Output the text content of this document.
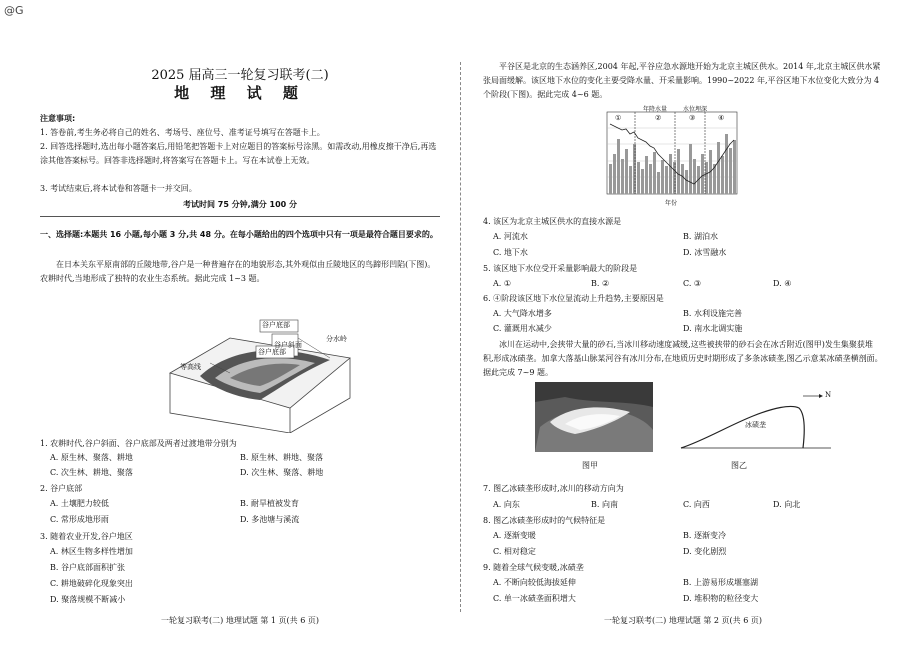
@G
2025 届高三一轮复习联考(二)
地 理 试 题
注意事项:
1. 答卷前,考生务必将自己的姓名、考场号、座位号、准考证号填写在答题卡上。
2. 回答选择题时,选出每小题答案后,用铅笔把答题卡上对应题目的答案标号涂黑。如需改动,用橡皮擦干净后,再选涂其他答案标号。回答非选择题时,将答案写在答题卡上。写在本试卷上无效。
3. 考试结束后,将本试卷和答题卡一并交回。
考试时间 75 分钟,满分 100 分
一、选择题:本题共 16 小题,每小题 3 分,共 48 分。在每小题给出的四个选项中只有一项是最符合题目要求的。
在日本关东平原南部的丘陵地带,谷户是一种普遍存在的地貌形态,其外观似由丘陵地区的鸟蹄形凹陷(下图)。农耕时代,当地形成了独特的农业生态系统。据此完成 1~3 题。
谷户底部
谷户斜面
谷户底部
分水岭
等高线
1. 农耕时代,谷户斜面、谷户底部及两者过渡地带分别为
A. 原生林、聚落、耕地	B. 原生林、耕地、聚落
C. 次生林、耕地、聚落	D. 次生林、聚落、耕地
2. 谷户底部
A. 土壤肥力较低	B. 耐旱植被发育
C. 常形成地形雨	D. 多池塘与溪流
3. 随着农业开发,谷户地区
A. 林区生物多样性增加
B. 谷户底部面积扩张
C. 耕地破碎化现象突出
D. 聚落规模不断减小
一轮复习联考(二) 地理试题 第 1 页(共 6 页)
平谷区是北京的生态涵养区,2004 年起,平谷应急水源地开始为北京主城区供水。2014 年,北京主城区供水紧张局面缓解。该区地下水位的变化主要受降水量、开采量影响。1990~2022 年,平谷区地下水位变化大致分为 4 个阶段(下图)。据此完成 4~6 题。
年降水量	水位埋深
①	②	③	④
年份
4. 该区为北京主城区供水的直接水源是
A. 河流水	B. 湖泊水
C. 地下水	D. 冰雪融水
5. 该区地下水位受开采量影响最大的阶段是
A. ①	B. ②	C. ③	D. ④
6. ④阶段该区地下水位显流动上升趋势,主要原因是
A. 大气降水增多	B. 水利设施完善
C. 灌溉用水减少	D. 南水北调实施
冰川在运动中,会挟带大量的砂石,当冰川移动速度减缓,这些被挟带的砂石会在冰舌附近(图甲)发生集聚获堆积,形成冰碛垄。加拿大落基山脉某河谷有冰川分布,在地质历史时期形成了多条冰碛垄,图乙示意某冰碛垄横剖面。据此完成 7~9 题。
图甲
N
冰碛垄
图乙
7. 图乙冰碛垄形成时,冰川的移动方向为
A. 向东	B. 向南	C. 向西	D. 向北
8. 图乙冰碛垄形成时的气候特征是
A. 逐渐变暖	B. 逐渐变冷
C. 相对稳定	D. 变化剧烈
9. 随着全球气候变暖,冰碛垄
A. 不断向较低海拔延伸	B. 上游易形成堰塞湖
C. 单一冰碛垄面积增大	D. 堆积物的粒径变大
一轮复习联考(二) 地理试题 第 2 页(共 6 页)
